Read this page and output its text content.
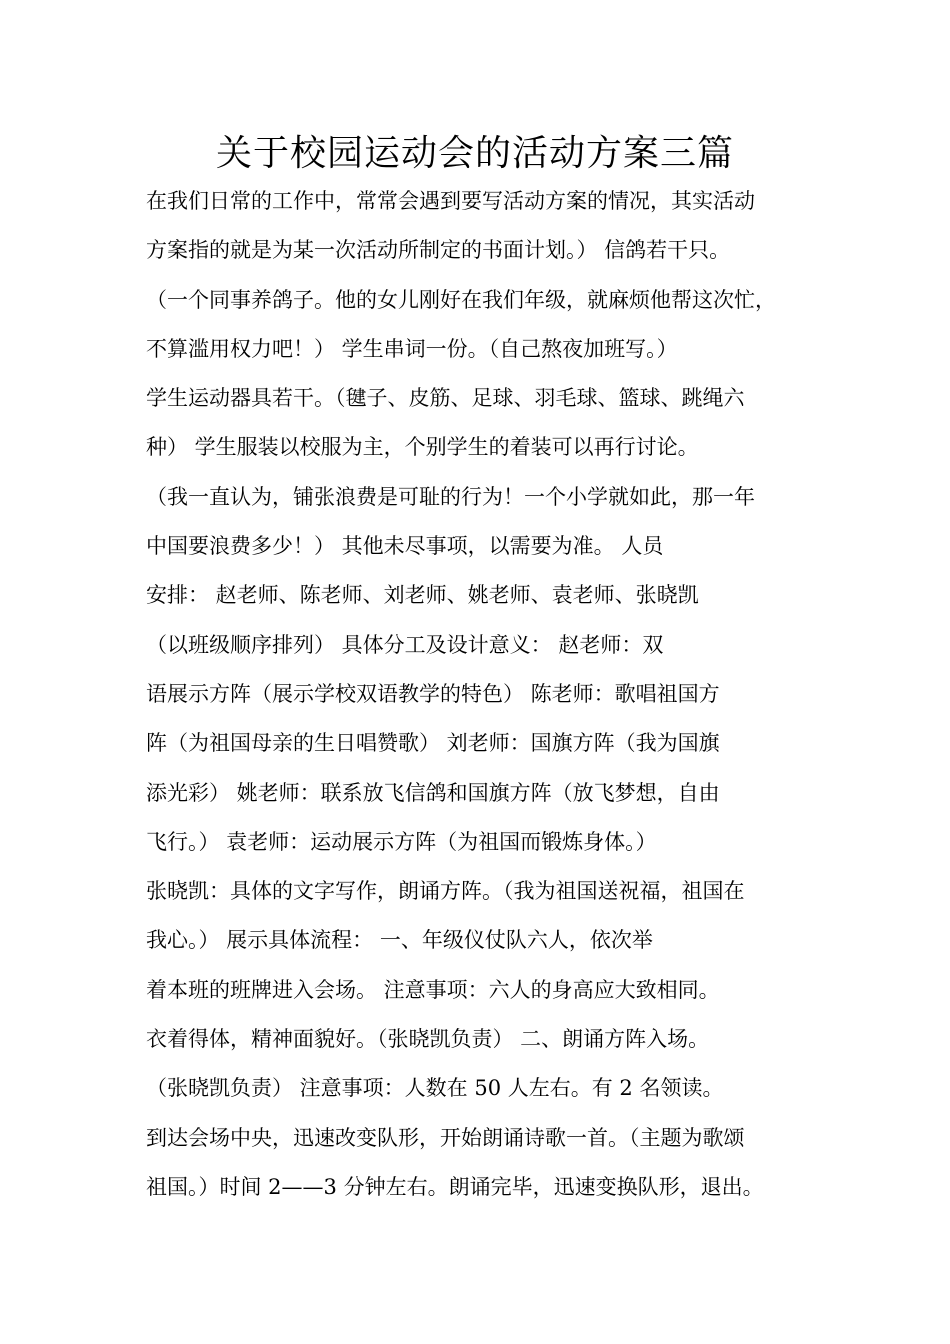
关于校园运动会的活动方案三篇
在我们日常的工作中，常常会遇到要写活动方案的情况，其实活动
方案指的就是为某一次活动所制定的书面计划。） 信鸽若干只。
（一个同事养鸽子。他的女儿刚好在我们年级，就麻烦他帮这次忙，
不算滥用权力吧！） 学生串词一份。（自己熬夜加班写。）
学生运动器具若干。（毽子、皮筋、足球、羽毛球、篮球、跳绳六
种） 学生服装以校服为主，个别学生的着装可以再行讨论。
（我一直认为，铺张浪费是可耻的行为！一个小学就如此，那一年
中国要浪费多少！） 其他未尽事项，以需要为准。 人员
安排： 赵老师、陈老师、刘老师、姚老师、袁老师、张晓凯
（以班级顺序排列） 具体分工及设计意义： 赵老师：双
语展示方阵（展示学校双语教学的特色） 陈老师：歌唱祖国方
阵（为祖国母亲的生日唱赞歌） 刘老师：国旗方阵（我为国旗
添光彩） 姚老师：联系放飞信鸽和国旗方阵（放飞梦想，自由
飞行。） 袁老师：运动展示方阵（为祖国而锻炼身体。）
张晓凯：具体的文字写作，朗诵方阵。（我为祖国送祝福，祖国在
我心。） 展示具体流程： 一、年级仪仗队六人，依次举
着本班的班牌进入会场。 注意事项：六人的身高应大致相同。
衣着得体，精神面貌好。（张晓凯负责） 二、朗诵方阵入场。
（张晓凯负责） 注意事项：人数在 50 人左右。有 2 名领读。
到达会场中央，迅速改变队形，开始朗诵诗歌一首。（主题为歌颂
祖国。）时间 2——3 分钟左右。朗诵完毕，迅速变换队形，退出。
